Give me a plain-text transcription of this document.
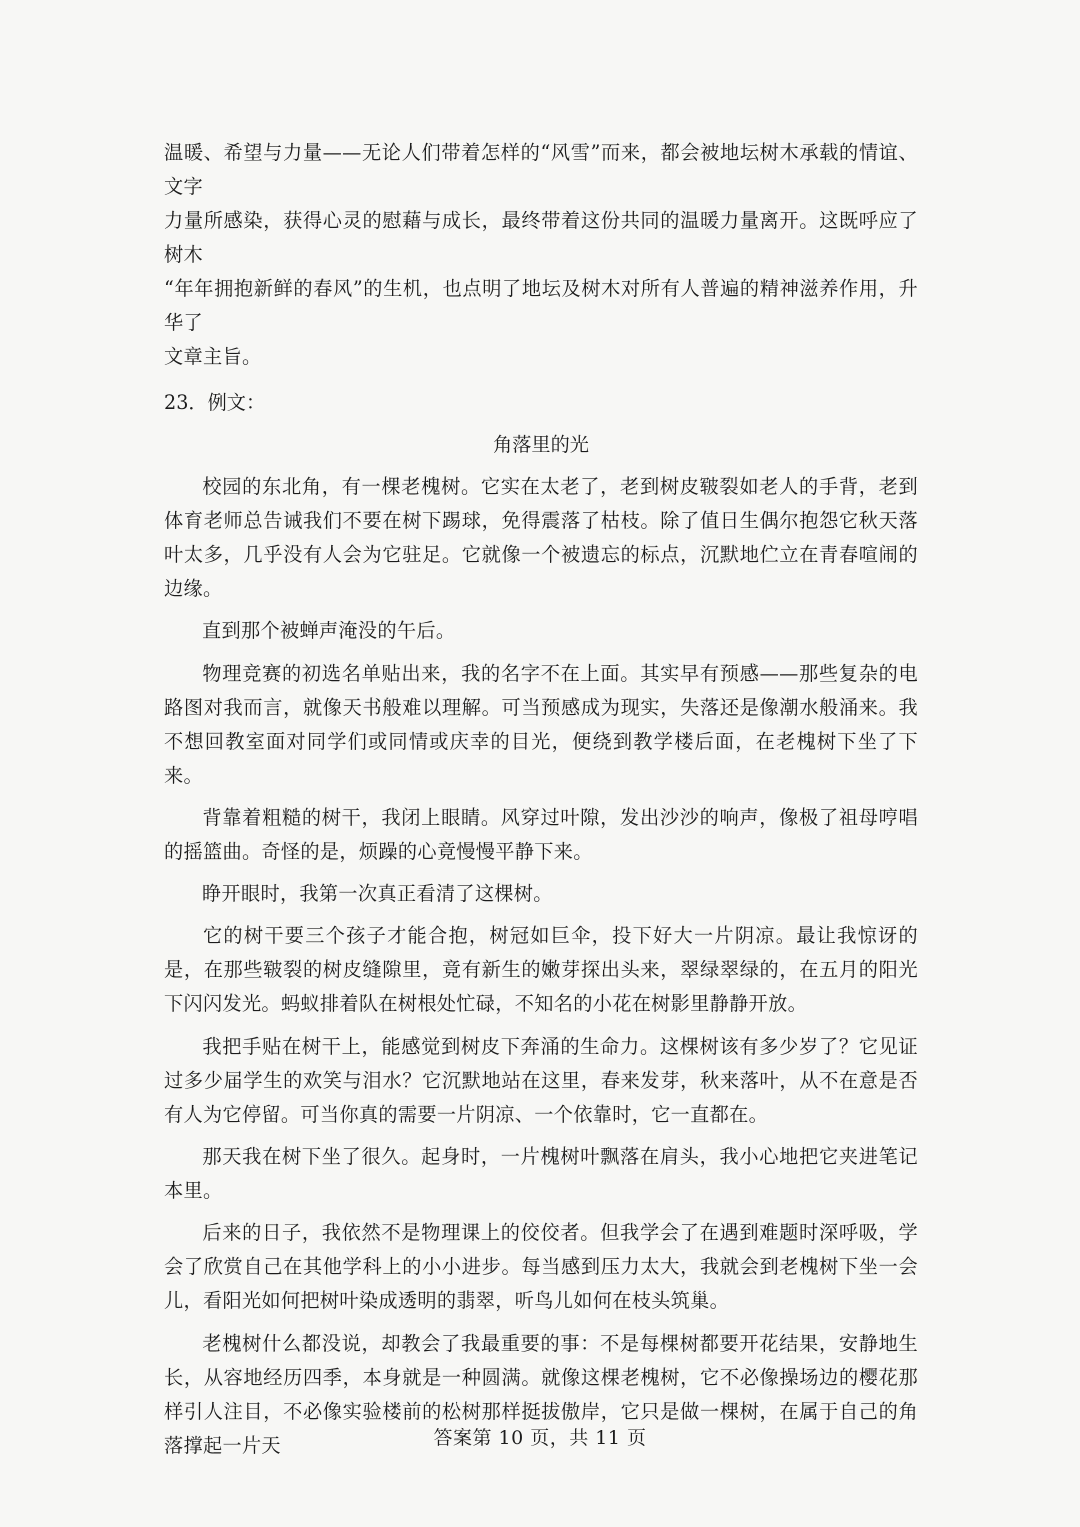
温暖、希望与力量——无论人们带着怎样的“风雪”而来，都会被地坛树木承载的情谊、文字
力量所感染，获得心灵的慰藉与成长，最终带着这份共同的温暖力量离开。这既呼应了树木
“年年拥抱新鲜的春风”的生机，也点明了地坛及树木对所有人普遍的精神滋养作用，升华了
文章主旨。

23．例文：
角落里的光

校园的东北角，有一棵老槐树。它实在太老了，老到树皮皲裂如老人的手背，老到体育老师总告诫我们不要在树下踢球，免得震落了枯枝。除了值日生偶尔抱怨它秋天落叶太多，几乎没有人会为它驻足。它就像一个被遗忘的标点，沉默地伫立在青春喧闹的边缘。

直到那个被蝉声淹没的午后。

物理竞赛的初选名单贴出来，我的名字不在上面。其实早有预感——那些复杂的电路图对我而言，就像天书般难以理解。可当预感成为现实，失落还是像潮水般涌来。我不想回教室面对同学们或同情或庆幸的目光，便绕到教学楼后面，在老槐树下坐了下来。

背靠着粗糙的树干，我闭上眼睛。风穿过叶隙，发出沙沙的响声，像极了祖母哼唱的摇篮曲。奇怪的是，烦躁的心竟慢慢平静下来。

睁开眼时，我第一次真正看清了这棵树。

它的树干要三个孩子才能合抱，树冠如巨伞，投下好大一片阴凉。最让我惊讶的是，在那些皲裂的树皮缝隙里，竟有新生的嫩芽探出头来，翠绿翠绿的，在五月的阳光下闪闪发光。蚂蚁排着队在树根处忙碌，不知名的小花在树影里静静开放。

我把手贴在树干上，能感觉到树皮下奔涌的生命力。这棵树该有多少岁了？它见证过多少届学生的欢笑与泪水？它沉默地站在这里，春来发芽，秋来落叶，从不在意是否有人为它停留。可当你真的需要一片阴凉、一个依靠时，它一直都在。

那天我在树下坐了很久。起身时，一片槐树叶飘落在肩头，我小心地把它夹进笔记本里。

后来的日子，我依然不是物理课上的佼佼者。但我学会了在遇到难题时深呼吸，学会了欣赏自己在其他学科上的小小进步。每当感到压力太大，我就会到老槐树下坐一会儿，看阳光如何把树叶染成透明的翡翠，听鸟儿如何在枝头筑巢。

老槐树什么都没说，却教会了我最重要的事：不是每棵树都要开花结果，安静地生长，从容地经历四季，本身就是一种圆满。就像这棵老槐树，它不必像操场边的樱花那样引人注目，不必像实验楼前的松树那样挺拔傲岸，它只是做一棵树，在属于自己的角落撑起一片天	答案第 10 页，共 11 页
